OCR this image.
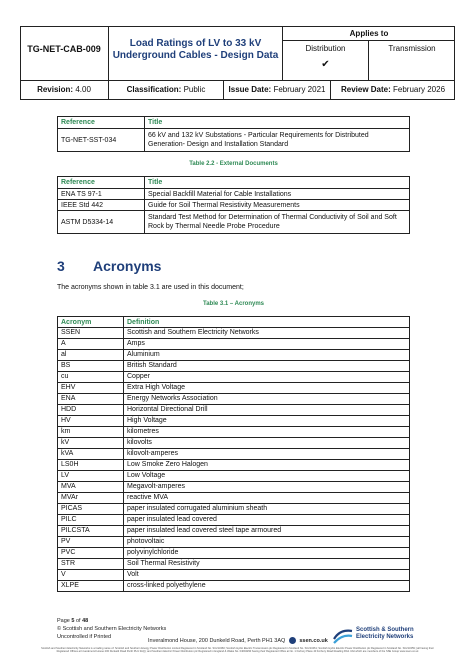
TG-NET-CAB-009	Load Ratings of LV to 33 kV
Underground Cables - Design Data
Applies to
Distribution	Transmission
✔
Revision: 4.00	Classification: Public	Issue Date: February 2021	Review Date: February 2026
Reference	Title
TG-NET-SST-034	66 kV and 132 kV Substations - Particular Requirements for Distributed Generation- Design and Installation Standard
Table 2.2 - External Documents
Reference	Title
ENA TS 97-1	Special Backfill Material for Cable Installations
IEEE Std 442	Guide for Soil Thermal Resistivity Measurements
ASTM D5334-14	Standard Test Method for Determination of Thermal Conductivity of Soil and Soft Rock by Thermal Needle Probe Procedure
3 Acronyms
The acronyms shown in table 3.1 are used in this document;
Table 3.1 – Acronyms
Acronym	Definition
SSEN	Scottish and Southern Electricity Networks
A	Amps
al	Aluminium
BS	British Standard
cu	Copper
EHV	Extra High Voltage
ENA	Energy Networks Association
HDD	Horizontal Directional Drill
HV	High Voltage
km	kilometres
kV	kilovolts
kVA	kilovolt-amperes
LS0H	Low Smoke Zero Halogen
LV	Low Voltage
MVA	Megavolt-amperes
MVAr	reactive MVA
PICAS	paper insulated corrugated aluminium sheath
PILC	paper insulated lead covered
PILCSTA	paper insulated lead covered steel tape armoured
PV	photovoltaic
PVC	polyvinylchloride
STR	Soil Thermal Resistivity
V	Volt
XLPE	cross-linked polyethylene
Page 5 of 48
© Scottish and Southern Electricity Networks
Uncontrolled if Printed
Inveralmond House, 200 Dunkeld Road, Perth PH1 3AQ	ssen.co.uk
Scottish & Southern
Electricity Networks
Scottish and Southern Electricity Networks is a trading name of: Scottish and Southern Energy Power Distribution Limited Registered in Scotland No. SC213460; Scottish Hydro Electric Transmission plc Registered in Scotland No. SC213461; Scottish Hydro Electric Power Distribution plc Registered in Scotland No. SC213459; (all having their Registered Offices at Inveralmond House 200 Dunkeld Road Perth PH1 3AQ); and Southern Electric Power Distribution plc Registered in England & Wales No. 04094290 having their Registered Office at No. 1 Forbury Place 43 Forbury Road Reading RG1 3JH which are members of the SSE Group www.ssen.co.uk
